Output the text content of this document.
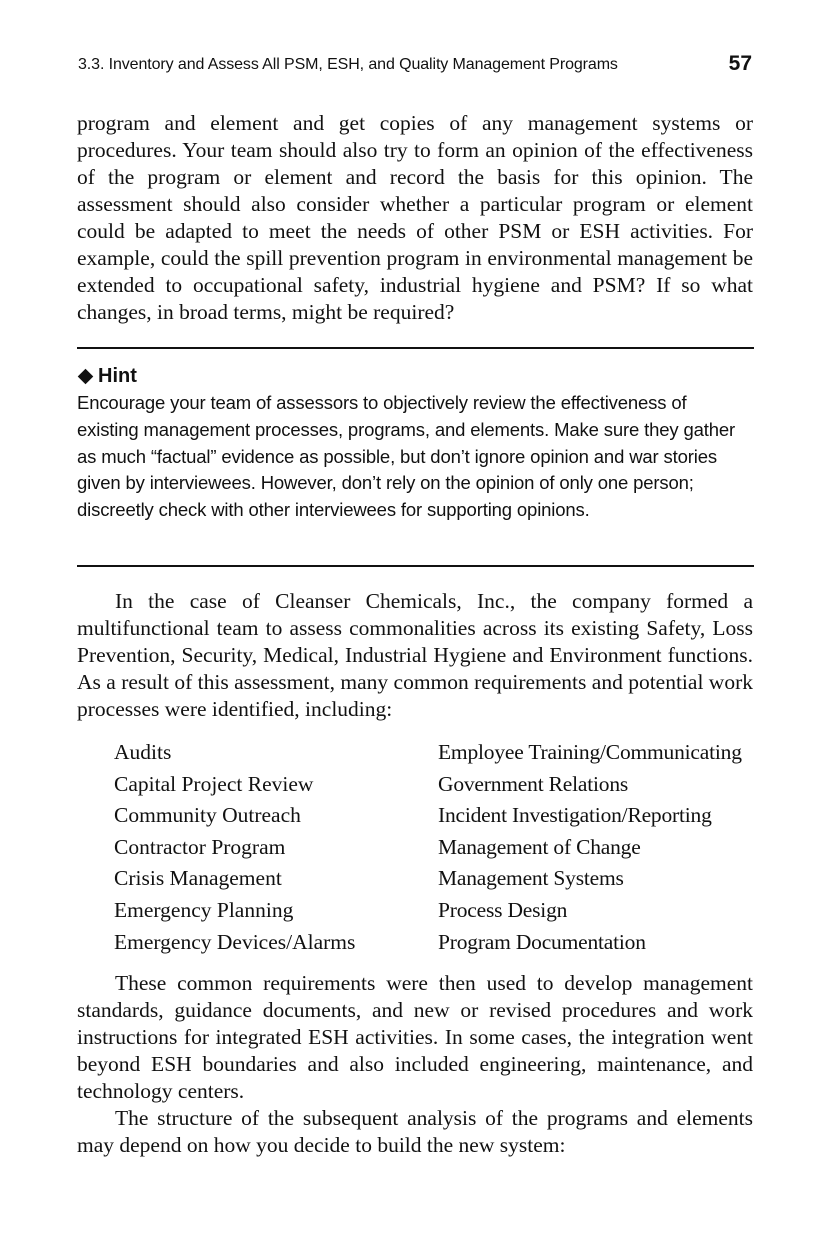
3.3. Inventory and Assess All PSM, ESH, and Quality Management Programs	57

program and element and get copies of any management systems or procedures. Your team should also try to form an opinion of the effectiveness of the program or element and record the basis for this opinion. The assessment should also consider whether a particular program or element could be adapted to meet the needs of other PSM or ESH activities. For example, could the spill prevention program in environmental management be extended to occupational safety, industrial hygiene and PSM? If so what changes, in broad terms, might be required?

Hint

Encourage your team of assessors to objectively review the effectiveness of existing management processes, programs, and elements. Make sure they gather as much “factual” evidence as possible, but don’t ignore opinion and war stories given by interviewees. However, don’t rely on the opinion of only one person; discreetly check with other interviewees for supporting opinions.

In the case of Cleanser Chemicals, Inc., the company formed a multifunctional team to assess commonalities across its existing Safety, Loss Prevention, Security, Medical, Industrial Hygiene and Environment functions. As a result of this assessment, many common requirements and potential work processes were identified, including:

Audits
Capital Project Review
Community Outreach
Contractor Program
Crisis Management
Emergency Planning
Emergency Devices/Alarms
Employee Training/Communicating
Government Relations
Incident Investigation/Reporting
Management of Change
Management Systems
Process Design
Program Documentation

These common requirements were then used to develop management standards, guidance documents, and new or revised procedures and work instructions for integrated ESH activities. In some cases, the integration went beyond ESH boundaries and also included engineering, maintenance, and technology centers.

The structure of the subsequent analysis of the programs and elements may depend on how you decide to build the new system:
